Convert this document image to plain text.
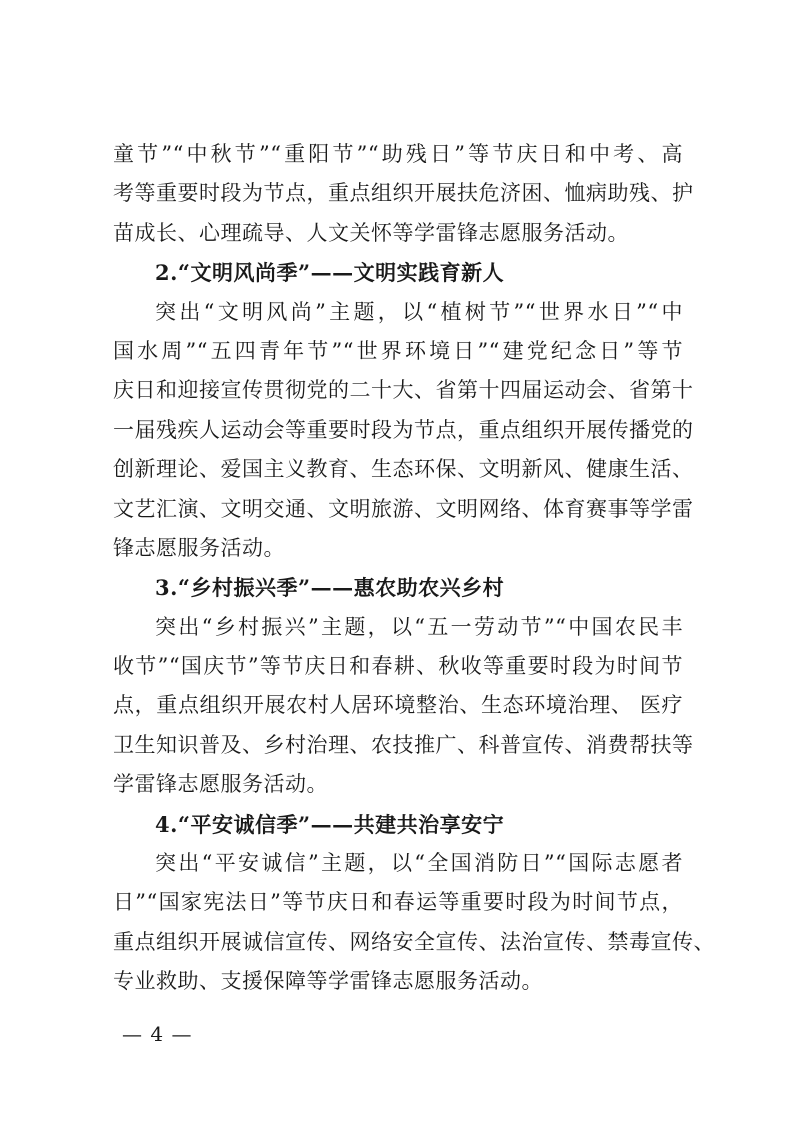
童节”“中秋节”“重阳节”“助残日”等节庆日和中考、高
考等重要时段为节点，重点组织开展扶危济困、恤病助残、护
苗成长、心理疏导、人文关怀等学雷锋志愿服务活动。
2.“文明风尚季”——文明实践育新人
突出“文明风尚”主题，以“植树节”“世界水日”“中
国水周”“五四青年节”“世界环境日”“建党纪念日”等节
庆日和迎接宣传贯彻党的二十大、省第十四届运动会、省第十
一届残疾人运动会等重要时段为节点，重点组织开展传播党的
创新理论、爱国主义教育、生态环保、文明新风、健康生活、
文艺汇演、文明交通、文明旅游、文明网络、体育赛事等学雷
锋志愿服务活动。
3.“乡村振兴季”——惠农助农兴乡村
突出“乡村振兴”主题，以“五一劳动节”“中国农民丰
收节”“国庆节”等节庆日和春耕、秋收等重要时段为时间节
点，重点组织开展农村人居环境整治、生态环境治理、 医疗
卫生知识普及、乡村治理、农技推广、科普宣传、消费帮扶等
学雷锋志愿服务活动。
4.“平安诚信季”——共建共治享安宁
突出“平安诚信”主题，以“全国消防日”“国际志愿者
日”“国家宪法日”等节庆日和春运等重要时段为时间节点，
重点组织开展诚信宣传、网络安全宣传、法治宣传、禁毒宣传、
专业救助、支援保障等学雷锋志愿服务活动。
— 4 —
